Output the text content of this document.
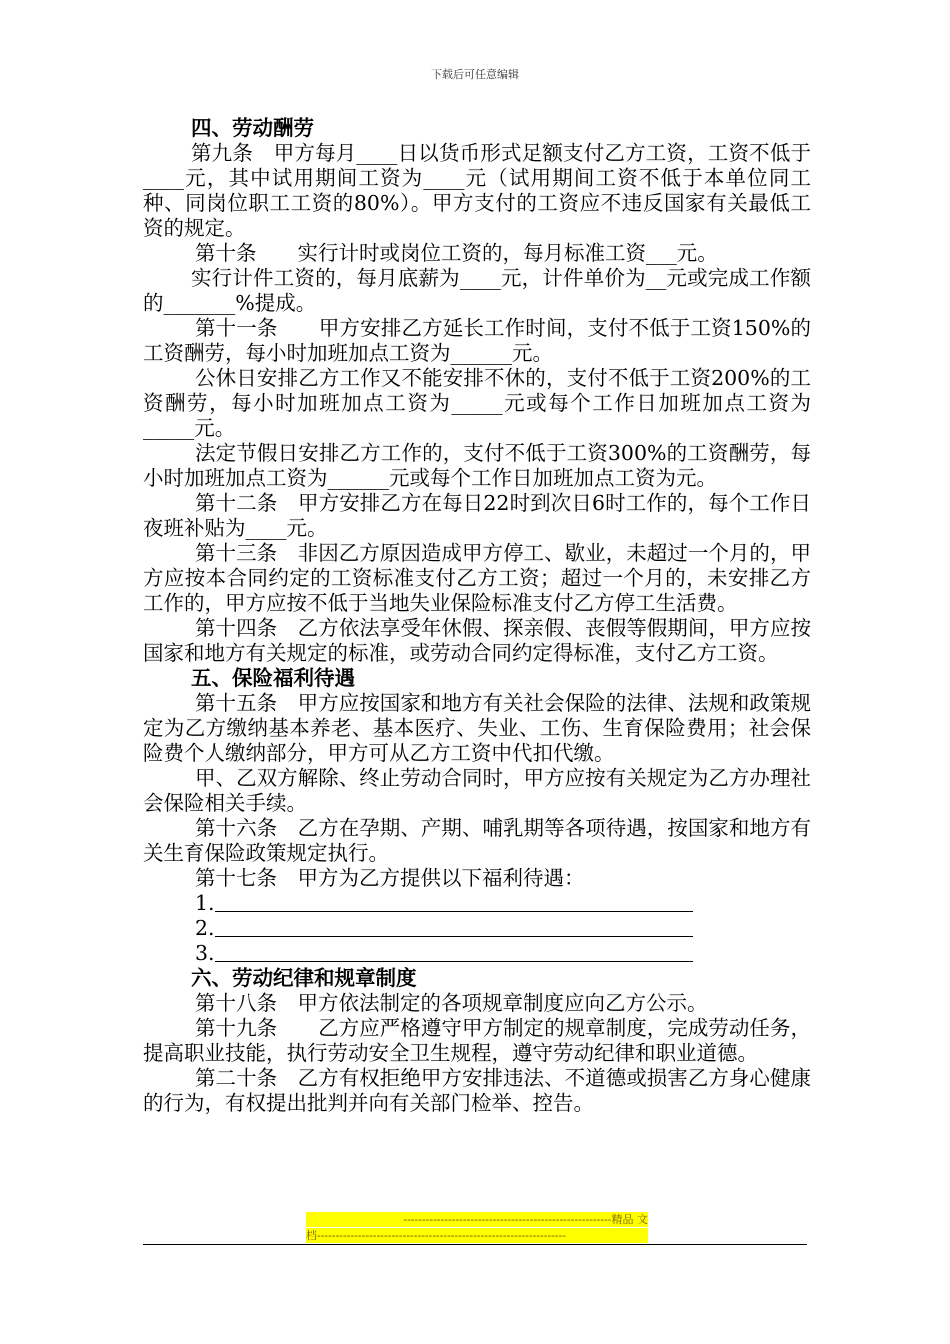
下载后可任意编辑

四、劳动酬劳

第九条　甲方每月____日以货币形式足额支付乙方工资，工资不低于____元，其中试用期间工资为____元（试用期间工资不低于本单位同工种、同岗位职工工资的80%）。甲方支付的工资应不违反国家有关最低工资的规定。

第十条　　实行计时或岗位工资的，每月标准工资___元。

实行计件工资的，每月底薪为____元，计件单价为__元或完成工作额的_______%提成。

第十一条　　甲方安排乙方延长工作时间，支付不低于工资150%的工资酬劳，每小时加班加点工资为______元。

公休日安排乙方工作又不能安排不休的，支付不低于工资200%的工资酬劳，每小时加班加点工资为_____元或每个工作日加班加点工资为_____元。

法定节假日安排乙方工作的，支付不低于工资300%的工资酬劳，每小时加班加点工资为______元或每个工作日加班加点工资为元。

第十二条　甲方安排乙方在每日22时到次日6时工作的，每个工作日夜班补贴为____元。

第十三条　非因乙方原因造成甲方停工、歇业，未超过一个月的，甲方应按本合同约定的工资标准支付乙方工资；超过一个月的，未安排乙方工作的，甲方应按不低于当地失业保险标准支付乙方停工生活费。

第十四条　乙方依法享受年休假、探亲假、丧假等假期间，甲方应按国家和地方有关规定的标准，或劳动合同约定得标准，支付乙方工资。

五、保险福利待遇

第十五条　甲方应按国家和地方有关社会保险的法律、法规和政策规定为乙方缴纳基本养老、基本医疗、失业、工伤、生育保险费用；社会保险费个人缴纳部分，甲方可从乙方工资中代扣代缴。

甲、乙双方解除、终止劳动合同时，甲方应按有关规定为乙方办理社会保险相关手续。

第十六条　乙方在孕期、产期、哺乳期等各项待遇，按国家和地方有关生育保险政策规定执行。

第十七条　甲方为乙方提供以下福利待遇：

1.

2.

3.

六、劳动纪律和规章制度

第十八条　甲方依法制定的各项规章制度应向乙方公示。

第十九条　　乙方应严格遵守甲方制定的规章制度，完成劳动任务，提高职业技能，执行劳动安全卫生规程，遵守劳动纪律和职业道德。

第二十条　乙方有权拒绝甲方安排违法、不道德或损害乙方身心健康的行为，有权提出批判并向有关部门检举、控告。

--------------------------------------------------------精品 文
档-------------------------------------------------------------------
